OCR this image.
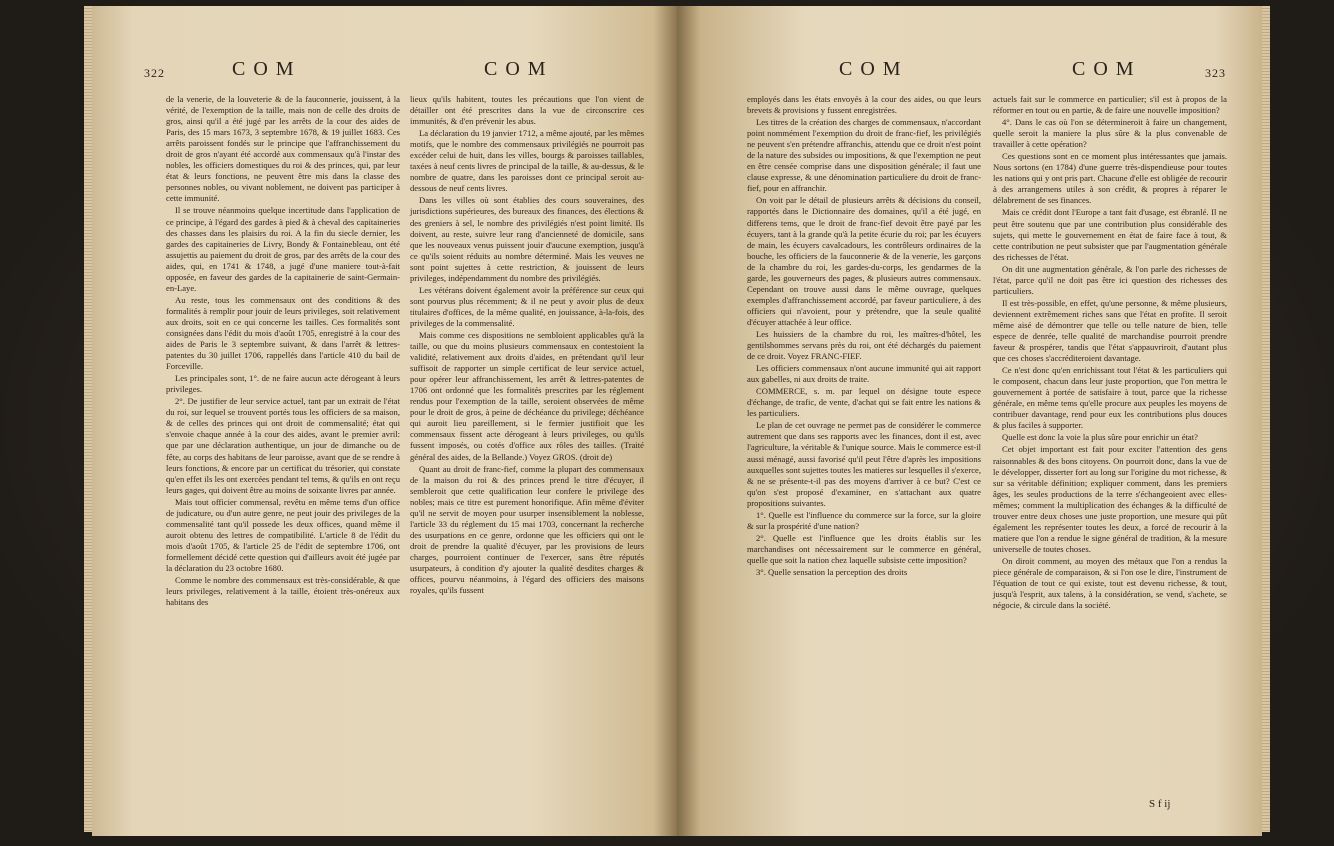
322	COM	COM

de la venerie, de la louveterie & de la fauconnerie, jouissent, à la vérité, de l'exemption de la taille, mais non de celle des droits de gros, ainsi qu'il a été jugé par les arrêts de la cour des aides de Paris, des 15 mars 1673, 3 septembre 1678, & 19 juillet 1683. Ces arrêts paroissent fondés sur le principe que l'affranchissement du droit de gros n'ayant été accordé aux commensaux qu'à l'instar des nobles, les officiers domestiques du roi & des princes, qui, par leur état & leurs fonctions, ne peuvent être mis dans la classe des personnes nobles, ou vivant noblement, ne doivent pas participer à cette immunité.

Il se trouve néanmoins quelque incertitude dans l'application de ce principe, à l'égard des gardes à pied & à cheval des capitaineries des chasses dans les plaisirs du roi. A la fin du siecle dernier, les gardes des capitaineries de Livry, Bondy & Fontainebleau, ont été assujettis au paiement du droit de gros, par des arrêts de la cour des aides, qui, en 1741 & 1748, a jugé d'une maniere tout-à-fait opposée, en faveur des gardes de la capitainerie de saint-Germain-en-Laye.

Au reste, tous les commensaux ont des conditions & des formalités à remplir pour jouir de leurs privileges, soit relativement aux droits, soit en ce qui concerne les tailles. Ces formalités sont consignées dans l'édit du mois d'août 1705, enregistré à la cour des aides de Paris le 3 septembre suivant, & dans l'arrêt & lettres-patentes du 30 juillet 1706, rappellés dans l'article 410 du bail de Forceville.

Les principales sont, 1°. de ne faire aucun acte dérogeant à leurs privileges.

2°. De justifier de leur service actuel, tant par un extrait de l'état du roi, sur lequel se trouvent portés tous les officiers de sa maison, & de celles des princes qui ont droit de commensalité; état qui s'envoie chaque année à la cour des aides, avant le premier avril: que par une déclaration authentique, un jour de dimanche ou de fête, au corps des habitans de leur paroisse, avant que de se rendre à leurs fonctions, & encore par un certificat du trésorier, qui constate qu'en effet ils les ont exercées pendant tel tems, & qu'ils en ont reçu leurs gages, qui doivent être au moins de soixante livres par année.

Mais tout officier commensal, revêtu en même tems d'un office de judicature, ou d'un autre genre, ne peut jouir des privileges de la commensalité tant qu'il possede les deux offices, quand même il auroit obtenu des lettres de compatibilité. L'article 8 de l'édit du mois d'août 1705, & l'article 25 de l'édit de septembre 1706, ont formellement décidé cette question qui d'ailleurs avoit été jugée par la déclaration du 23 octobre 1680.

Comme le nombre des commensaux est très-considérable, & que leurs privileges, relativement à la taille, étoient très-onéreux aux habitans des

lieux qu'ils habitent, toutes les précautions que l'on vient de détailler ont été prescrites dans la vue de circonscrire ces immunités, & d'en prévenir les abus.

La déclaration du 19 janvier 1712, a même ajouté, par les mêmes motifs, que le nombre des commensaux privilégiés ne pourroit pas excéder celui de huit, dans les villes, bourgs & paroisses taillables, taxées à neuf cents livres de principal de la taille, & au-dessus, & le nombre de quatre, dans les paroisses dont ce principal seroit au-dessous de neuf cents livres.

Dans les villes où sont établies des cours souveraines, des jurisdictions supérieures, des bureaux des finances, des élections & des greniers à sel, le nombre des privilégiés n'est point limité. Ils doivent, au reste, suivre leur rang d'ancienneté de domicile, sans que les nouveaux venus puissent jouir d'aucune exemption, jusqu'à ce qu'ils soient réduits au nombre déterminé. Mais les veuves ne sont point sujettes à cette restriction, & jouissent de leurs privileges, indépendamment du nombre des privilégiés.

Les vétérans doivent également avoir la préférence sur ceux qui sont pourvus plus récemment; & il ne peut y avoir plus de deux titulaires d'offices, de la même qualité, en jouissance, à-la-fois, des privileges de la commensalité.

Mais comme ces dispositions ne sembloient applicables qu'à la taille, ou que du moins plusieurs commensaux en contestoient la validité, relativement aux droits d'aides, en prétendant qu'il leur suffisoit de rapporter un simple certificat de leur service actuel, pour opérer leur affranchissement, les arrêt & lettres-patentes de 1706 ont ordonné que les formalités prescrites par les réglement rendus pour l'exemption de la taille, seroient observées de même pour le droit de gros, à peine de déchéance du privilege; déchéance qui auroit lieu pareillement, si le fermier justifioit que les commensaux fissent acte dérogeant à leurs privileges, ou qu'ils fussent imposés, ou cotés d'office aux rôles des tailles. (Traité général des aides, de la Bellande.) Voyez GROS. (droit de)

Quant au droit de franc-fief, comme la plupart des commensaux de la maison du roi & des princes prend le titre d'écuyer, il sembleroit que cette qualification leur confere le privilege des nobles; mais ce titre est purement honorifique. Afin même d'éviter qu'il ne servit de moyen pour usurper insensiblement la noblesse, l'article 33 du réglement du 15 mai 1703, concernant la recherche des usurpations en ce genre, ordonne que les officiers qui ont le droit de prendre la qualité d'écuyer, par les provisions de leurs charges, pourroient continuer de l'exercer, sans être réputés usurpateurs, à condition d'y ajouter la qualité desdites charges & offices, pourvu néanmoins, à l'égard des officiers des maisons royales, qu'ils fussent

COM	COM	323

employés dans les états envoyés à la cour des aides, ou que leurs brevets & provisions y fussent enregistrées.

Les titres de la création des charges de commensaux, n'accordant point nommément l'exemption du droit de franc-fief, les privilégiés ne peuvent s'en prétendre affranchis, attendu que ce droit n'est point de la nature des subsides ou impositions, & que l'exemption ne peut en être censée comprise dans une disposition générale; il faut une clause expresse, & une dénomination particuliere du droit de franc-fief, pour en affranchir.

On voit par le détail de plusieurs arrêts & décisions du conseil, rapportés dans le Dictionnaire des domaines, qu'il a été jugé, en differens tems, que le droit de franc-fief devoit être payé par les écuyers, tant à la grande qu'à la petite écurie du roi; par les écuyers de main, les écuyers cavalcadours, les contrôleurs ordinaires de la bouche, les officiers de la fauconnerie & de la venerie, les garçons de la chambre du roi, les gardes-du-corps, les gendarmes de la garde, les gouverneurs des pages, & plusieurs autres commensaux. Cependant on trouve aussi dans le même ouvrage, quelques exemples d'affranchissement accordé, par faveur particuliere, à des officiers qui n'avoient, pour y prétendre, que la seule qualité d'écuyer attachée à leur office.

Les huissiers de la chambre du roi, les maîtres-d'hôtel, les gentilshommes servans près du roi, ont été déchargés du paiement de ce droit. Voyez FRANC-FIEF.

Les officiers commensaux n'ont aucune immunité qui ait rapport aux gabelles, ni aux droits de traite.

COMMERCE, s. m. par lequel on désigne toute espece d'échange, de trafic, de vente, d'achat qui se fait entre les nations & les particuliers.

Le plan de cet ouvrage ne permet pas de considérer le commerce autrement que dans ses rapports avec les finances, dont il est, avec l'agriculture, la véritable & l'unique source. Mais le commerce est-il aussi ménagé, aussi favorisé qu'il peut l'être d'après les impositions auxquelles sont sujettes toutes les matieres sur lesquelles il s'exerce, & ne se présente-t-il pas des moyens d'arriver à ce but? C'est ce qu'on s'est proposé d'examiner, en s'attachant aux quatre propositions suivantes.

1°. Quelle est l'influence du commerce sur la force, sur la gloire & sur la prospérité d'une nation?

2°. Quelle est l'influence que les droits établis sur les marchandises ont nécessairement sur le commerce en général, quelle que soit la nation chez laquelle subsiste cette imposition?

3°. Quelle sensation la perception des droits

actuels fait sur le commerce en particulier; s'il est à propos de la réformer en tout ou en partie, & de faire une nouvelle imposition?

4°. Dans le cas où l'on se détermineroit à faire un changement, quelle seroit la maniere la plus sûre & la plus convenable de travailler à cette opération?

Ces questions sont en ce moment plus intéressantes que jamais. Nous sortons (en 1784) d'une guerre très-dispendieuse pour toutes les nations qui y ont pris part. Chacune d'elle est obligée de recourir à des arrangemens utiles à son crédit, & propres à réparer le délabrement de ses finances.

Mais ce crédit dont l'Europe a tant fait d'usage, est ébranlé. Il ne peut être soutenu que par une contribution plus considérable des sujets, qui mette le gouvernement en état de faire face à tout, & cette contribution ne peut subsister que par l'augmentation générale des richesses de l'état.

On dit une augmentation générale, & l'on parle des richesses de l'état, parce qu'il ne doit pas être ici question des richesses des particuliers.

Il est très-possible, en effet, qu'une personne, & même plusieurs, deviennent extrêmement riches sans que l'état en profite. Il seroit même aisé de démontrer que telle ou telle nature de bien, telle espece de denrée, telle qualité de marchandise pourroit prendre faveur & prospérer, tandis que l'état s'appauvriroit, d'autant plus que ces choses s'accréditeroient davantage.

Ce n'est donc qu'en enrichissant tout l'état & les particuliers qui le composent, chacun dans leur juste proportion, que l'on mettra le gouvernement à portée de satisfaire à tout, parce que la richesse générale, en même tems qu'elle procure aux peuples les moyens de contribuer davantage, rend pour eux les contributions plus douces & plus faciles à supporter.

Quelle est donc la voie la plus sûre pour enrichir un état?

Cet objet important est fait pour exciter l'attention des gens raisonnables & des bons citoyens. On pourroit donc, dans la vue de le développer, disserter fort au long sur l'origine du mot richesse, & sur sa véritable définition; expliquer comment, dans les premiers âges, les seules productions de la terre s'échangeoient avec elles-mêmes; comment la multiplication des échanges & la difficulté de trouver entre deux choses une juste proportion, une mesure qui pût également les représenter toutes les deux, a forcé de recourir à la matiere que l'on a rendue le signe général de tradition, & la mesure universelle de toutes choses.

On diroit comment, au moyen des métaux que l'on a rendus la piece générale de comparaison, & si l'on ose le dire, l'instrument de l'équation de tout ce qui existe, tout est devenu richesse, & tout, jusqu'à l'esprit, aux talens, à la considération, se vend, s'achete, se négocie, & circule dans la société.

S f ij
